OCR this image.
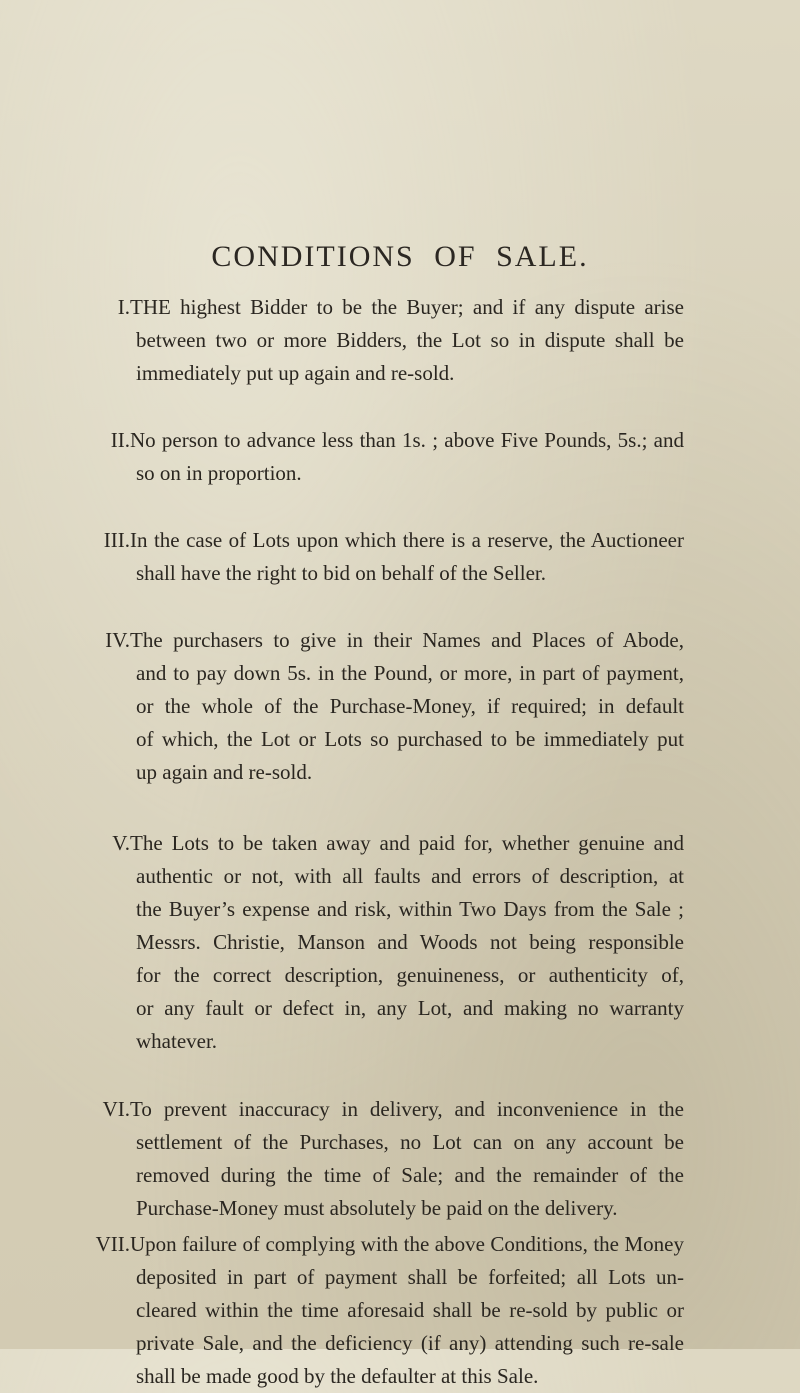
CONDITIONS OF SALE.
I. THE highest Bidder to be the Buyer; and if any dispute arise
between two or more Bidders, the Lot so in dispute shall be
immediately put up again and re-sold.
II. No person to advance less than 1s. ; above Five Pounds, 5s.; and
so on in proportion.
III. In the case of Lots upon which there is a reserve, the Auctioneer
shall have the right to bid on behalf of the Seller.
IV. The purchasers to give in their Names and Places of Abode,
and to pay down 5s. in the Pound, or more, in part of payment,
or the whole of the Purchase-Money, if required; in default
of which, the Lot or Lots so purchased to be immediately put
up again and re-sold.
V. The Lots to be taken away and paid for, whether genuine and
authentic or not, with all faults and errors of description, at
the Buyer’s expense and risk, within Two Days from the Sale ;
Messrs. Christie, Manson and Woods not being responsible
for the correct description, genuineness, or authenticity of,
or any fault or defect in, any Lot, and making no warranty
whatever.
VI. To prevent inaccuracy in delivery, and inconvenience in the
settlement of the Purchases, no Lot can on any account be
removed during the time of Sale; and the remainder of the
Purchase-Money must absolutely be paid on the delivery.
VII. Upon failure of complying with the above Conditions, the Money
deposited in part of payment shall be forfeited; all Lots un-
cleared within the time aforesaid shall be re-sold by public or
private Sale, and the deficiency (if any) attending such re-sale
shall be made good by the defaulter at this Sale.
